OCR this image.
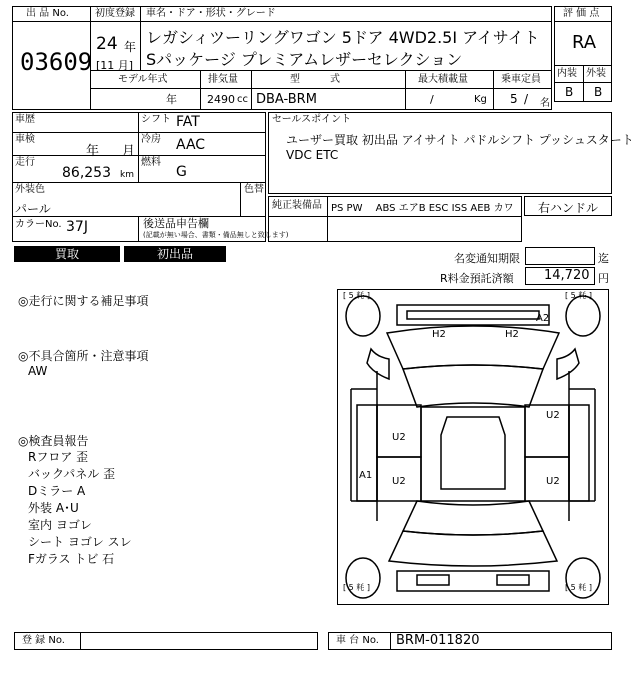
出 品 No.
03609
初度登録
24 年
[11 月]
車名・ドア・形状・グレード
レガシィツーリングワゴン 5ドア 4WD2.5I アイサイト
Sパッケージ プレミアムレザーセレクション
モデル年式
年
排気量
2490 cc
型　　　式
DBA-BRM
最大積載量
/	Kg
乗車定員
5 / 名
評 価 点
RA
内装 外装
B B
車歴	シフト FAT
車検
年 月
冷房 AAC
走行
86,253 km
燃料
G
外装色
パール
色替
カラーNo. 37J	後送品申告欄
(記載が無い場合、書類・備品無しと致します)
セールスポイント
ユーザー買取 初出品 アイサイト パドルシフト プッシュスタート
VDC ETC
純正装備品 PS PW　 ABS エアB ESC ISS AEB カワ 右ハンドル
買取	初出品	名変通知期限	迄
R料金預託済額 14,720 円
◎走行に関する補足事項
◎不具合箇所・注意事項
AW
◎検査員報告
Rフロア 歪
バックパネル 歪
Dミラー A
外装 A･U
室内 ヨゴレ
シート ヨゴレ スレ
Fガラス トビ 石
[ 5 粍 ]	[ 5 粍 ]
[ 5 粍 ]	[ 5 粍 ]
A2
H2	H2
U2
U2
U2	U2
A1
登 録 No.	車 台 No. BRM-011820
